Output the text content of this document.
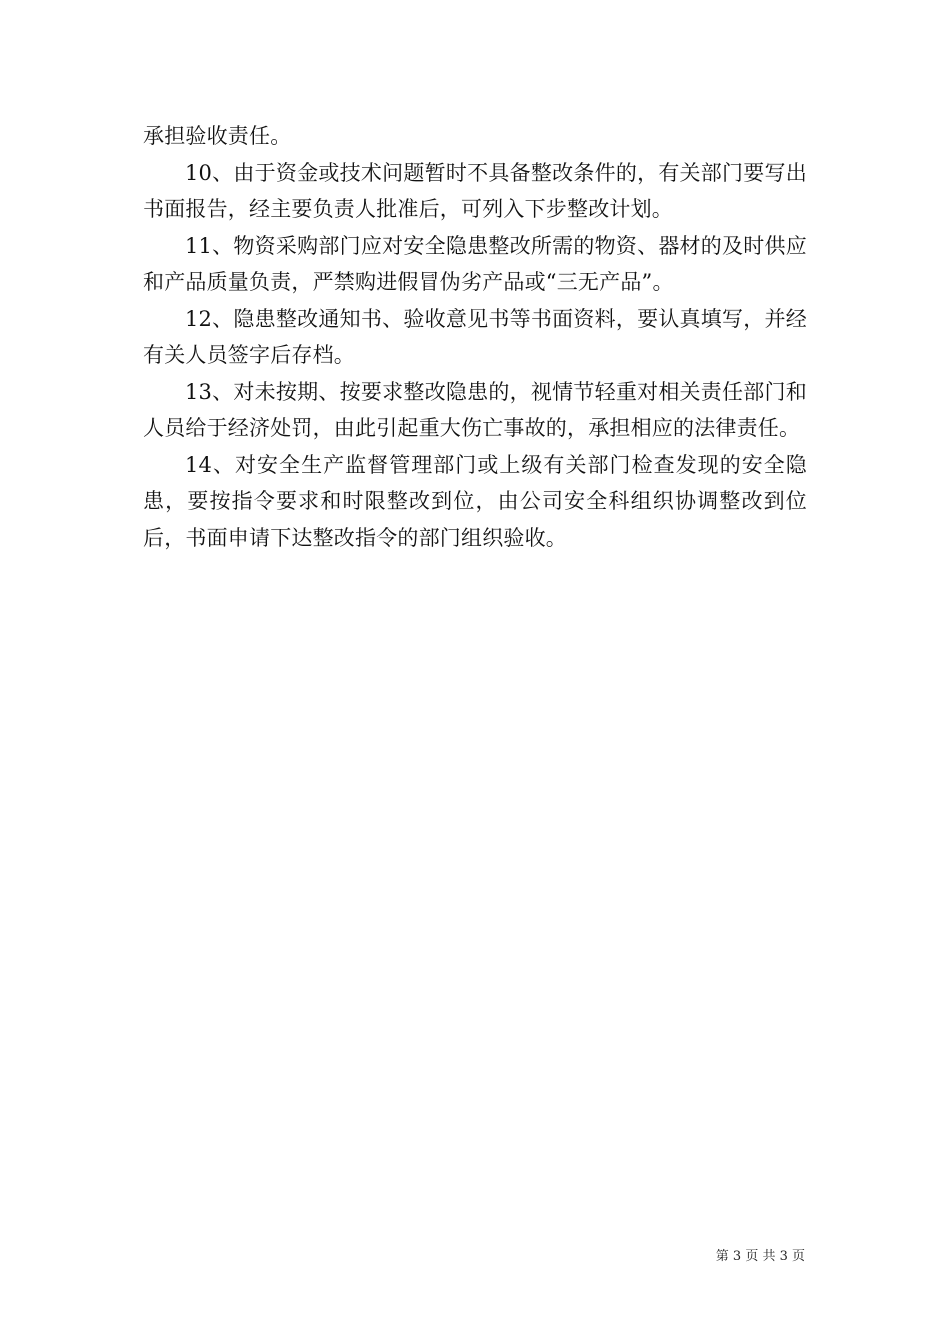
承担验收责任。

10、由于资金或技术问题暂时不具备整改条件的，有关部门要写出书面报告，经主要负责人批准后，可列入下步整改计划。

11、物资采购部门应对安全隐患整改所需的物资、器材的及时供应和产品质量负责，严禁购进假冒伪劣产品或“三无产品”。

12、隐患整改通知书、验收意见书等书面资料，要认真填写，并经有关人员签字后存档。

13、对未按期、按要求整改隐患的，视情节轻重对相关责任部门和人员给于经济处罚，由此引起重大伤亡事故的，承担相应的法律责任。

14、对安全生产监督管理部门或上级有关部门检查发现的安全隐患，要按指令要求和时限整改到位，由公司安全科组织协调整改到位后，书面申请下达整改指令的部门组织验收。

第 3 页 共 3 页
